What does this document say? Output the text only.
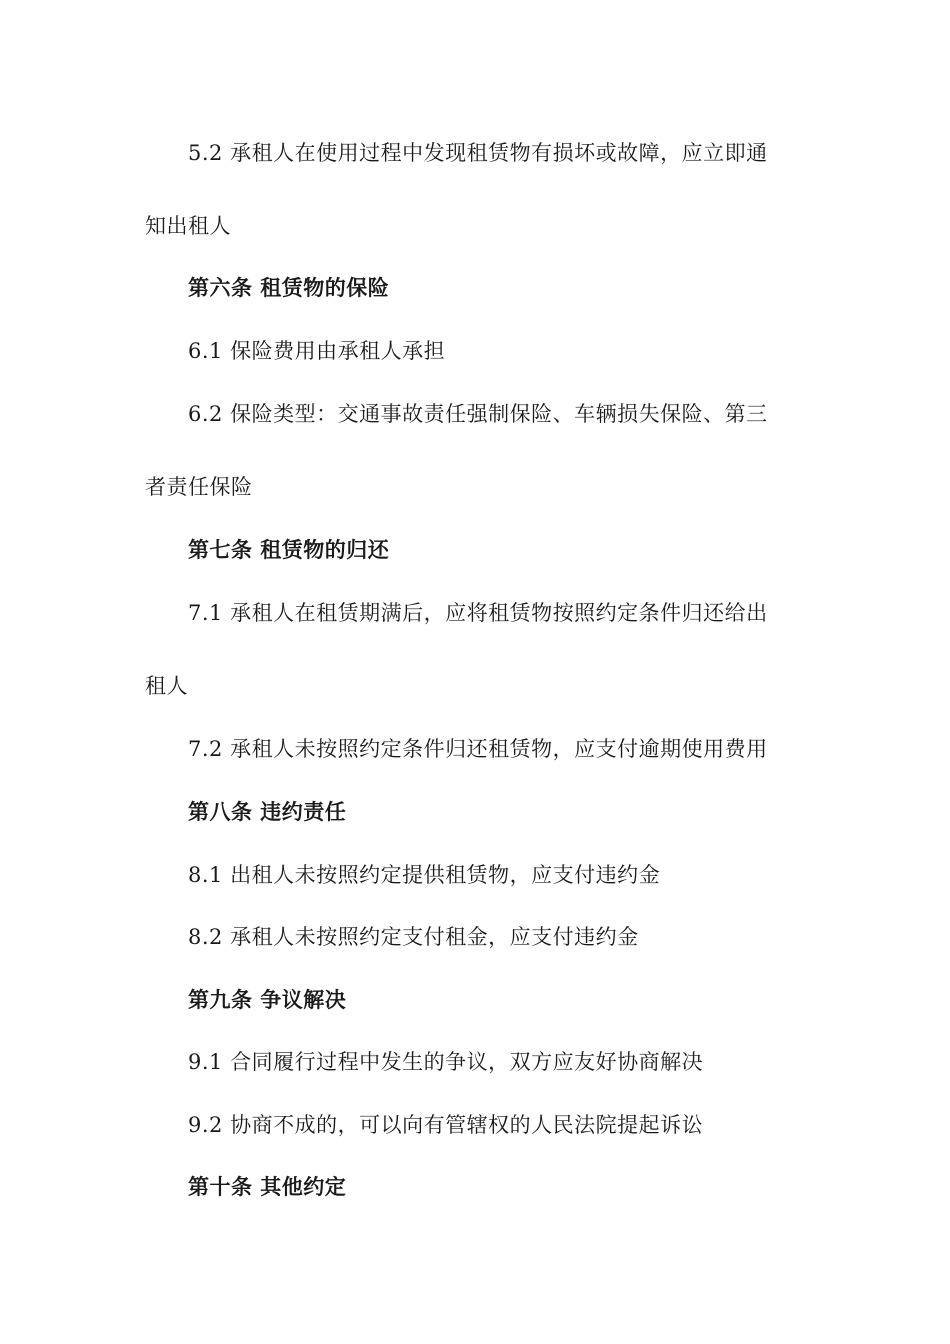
5.2 承租人在使用过程中发现租赁物有损坏或故障，应立即通
知出租人
第六条 租赁物的保险
6.1 保险费用由承租人承担
6.2 保险类型：交通事故责任强制保险、车辆损失保险、第三
者责任保险
第七条 租赁物的归还
7.1 承租人在租赁期满后，应将租赁物按照约定条件归还给出
租人
7.2 承租人未按照约定条件归还租赁物，应支付逾期使用费用
第八条 违约责任
8.1 出租人未按照约定提供租赁物，应支付违约金
8.2 承租人未按照约定支付租金，应支付违约金
第九条 争议解决
9.1 合同履行过程中发生的争议，双方应友好协商解决
9.2 协商不成的，可以向有管辖权的人民法院提起诉讼
第十条 其他约定
